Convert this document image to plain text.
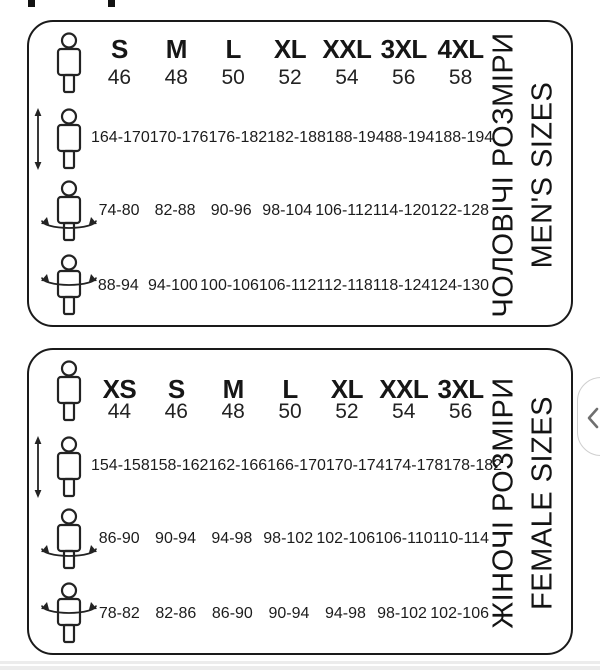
S	M	L	XL XXL 3XL 4XL
46	48	50	52	54	56	58
164-170 170-176 176-182 182-188 188-194 88-194 188-194
74-80 82-88 90-96 98-104 106-112 114-120 122-128
88-94 94-100 100-106 106-112 112-118 118-124 124-130
ЧОЛОВІЧІ РОЗМІРИ MEN'S SIZES
XS	S	M	L	XL XXL 3XL
44	46	48	50	52	54	56
154-158 158-162 162-166 166-170 170-174 174-178 178-182
86-90 90-94 94-98 98-102 102-106 106-110 110-114
78-82 82-86 86-90 90-94 94-98 98-102 102-106
ЖІНОЧІ РОЗМІРИ FEMALE SIZES
